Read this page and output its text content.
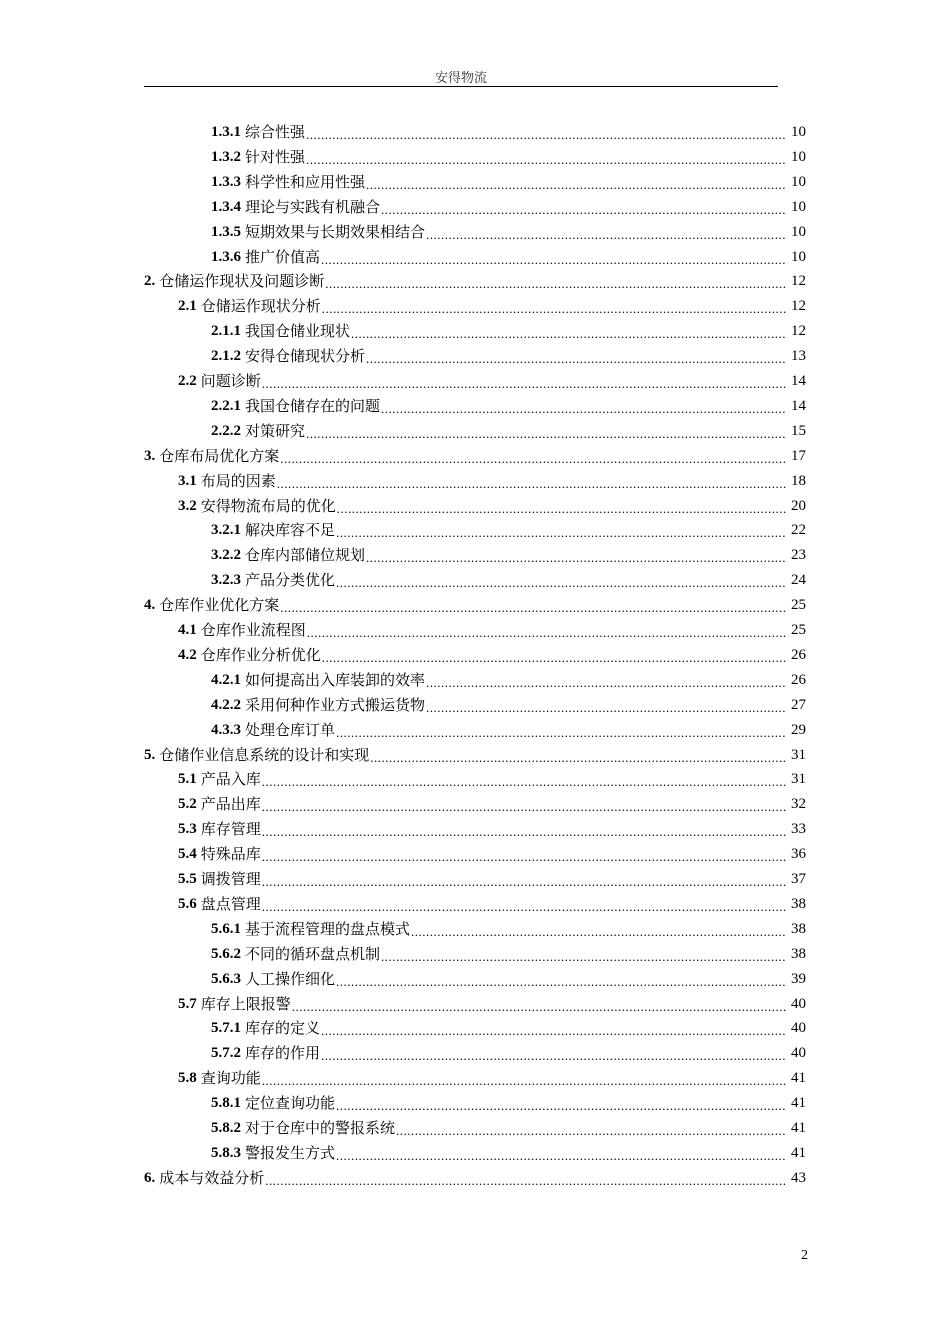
安得物流
1.3.1 综合性强 .....	10
1.3.2 针对性强 .....	10
1.3.3 科学性和应用性强 .....	10
1.3.4 理论与实践有机融合 .....	10
1.3.5 短期效果与长期效果相结合 .....	10
1.3.6 推广价值高 .....	10
2. 仓储运作现状及问题诊断 .....	12
2.1 仓储运作现状分析 .....	12
2.1.1 我国仓储业现状 .....	12
2.1.2 安得仓储现状分析 .....	13
2.2 问题诊断 .....	14
2.2.1 我国仓储存在的问题 .....	14
2.2.2 对策研究 .....	15
3. 仓库布局优化方案 .....	17
3.1 布局的因素 .....	18
3.2 安得物流布局的优化 .....	20
3.2.1 解决库容不足 .....	22
3.2.2 仓库内部储位规划 .....	23
3.2.3 产品分类优化 .....	24
4. 仓库作业优化方案 .....	25
4.1 仓库作业流程图 .....	25
4.2 仓库作业分析优化 .....	26
4.2.1 如何提高出入库装卸的效率 .....	26
4.2.2 采用何种作业方式搬运货物 .....	27
4.3.3 处理仓库订单 .....	29
5. 仓储作业信息系统的设计和实现 .....	31
5.1 产品入库 .....	31
5.2 产品出库 .....	32
5.3 库存管理 .....	33
5.4 特殊品库 .....	36
5.5 调拨管理 .....	37
5.6 盘点管理 .....	38
5.6.1 基于流程管理的盘点模式 .....	38
5.6.2 不同的循环盘点机制 .....	38
5.6.3 人工操作细化 .....	39
5.7 库存上限报警 .....	40
5.7.1 库存的定义 .....	40
5.7.2 库存的作用 .....	40
5.8 查询功能 .....	41
5.8.1 定位查询功能 .....	41
5.8.2 对于仓库中的警报系统 .....	41
5.8.3 警报发生方式 .....	41
6. 成本与效益分析 .....	43
2
